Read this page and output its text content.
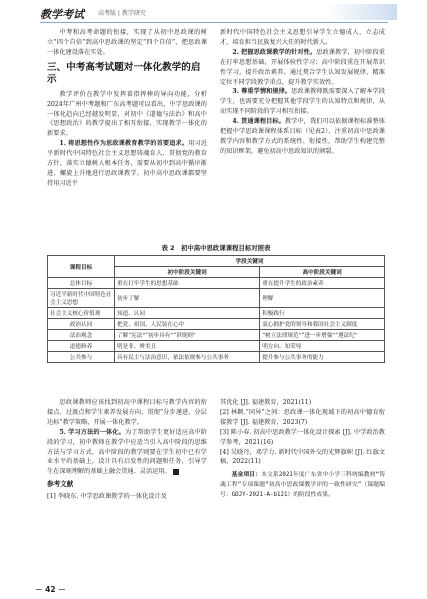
教学考试 高考版 | 教学研究

中考和高考命题的衔接，实现了从初中思政课的树立“四个自信”到高中思政课的坚定“四个自信”，把思政课一体化建设落在实处。

三、中考高考试题对一体化教学的启示

教学评价在教学中发挥着指挥棒的导向功能，分析2024年广州中考题和广东高考题可以看出，中学思政课的一体化趋向已经越发明显，对初中《道德与法治》和高中《思想政治》的教学提出了相互衔接、实现教学一体化的新要求。

1. 将思想性作为思政课教育教学的首要追求。用习近平新时代中国特色社会主义思想铸魂育人，贯彻党的教育方针，落实立德树人根本任务，需要从初中到高中循序渐进、螺旋上升地进行思政课教学。初中高中思政课都要坚持用习近平

新时代中国特色社会主义思想引导学生立德成人、立志成才，培育担当民族复兴大任的时代新人。

2. 把握思政课教学的针对性。思政课教学，初中阶段重在打牢思想基础，开展体验性学习；高中阶段重在开展常识性学习，提升政治素养。通过契合学生认知发展规律，精准定位不同学段教学重点，提升教学实效性。

3. 尊重学情和规律。思政课教师既需要深入了解本学段学生，也需要充分把握其他学段学生的认知特点和规律，从而实现不同阶段的学习相互衔接。

4. 贯通课程目标。教学中，我们可以依据课程标准整体把握中学思政课课程体系目标（见表2），注重初高中思政课教学内容和教学方式的系统性、衔接性，帮助学生构建完整的知识框架，避免初高中思政知识的割裂。

表 2　初中高中思政课课程目标对照表
课程目标	学段关键词	
	初中阶段关键词	高中阶段关键词
总体目标	重在打牢学生的思想基础	重在提升学生的政治素养
习近平新时代中国特色社会主义思想	初步了解	理解
社会主义核心价值观	知道、认同	积极践行
政治认同	把党、祖国、人民装在心中	衷心拥护党的领导和我国社会主义制度
法治观念	了解“宪法”“初步具有”“讲规则”	“树立法律规范”“进一步增强”“遵法纪”
道德修养	明是非、辨美丑	明方向、知荣辱
公共参与	具有民主与法治意识，依法依规参与公共事务	提升参与公共事务的能力

思政课教师应该找到初高中课程目标与教学内容的衔接点、过渡点和学生素养发展方向，贯彻“分步递进、分层达标”教学策略，开展一体化教学。

5. 学习方法的一体化。为了帮助学生更好适应高中阶段的学习，初中教师在教学中应适当引入高中阶段的思维方法与学习方式，高中阶段的教学则要在学生初中已有学业水平的基础上，设计具有启发性的问题和任务，引导学生在深刻理解的基础上融会贯通、灵活运用。	▲

参考文献

[1] 李晓东. 中学思政课教学的一体化设计及

其优化 [J]. 福建教育，2021(11)

[2] 林颖.“同异”之间：思政课一体化视域下的初高中德育衔接教学 [J]. 福建教育，2023(7)

[3] 陈小春. 初高中思政教学一体化设计探索 [J]. 中学政治教学参考，2021(16)

[4] 吴晓丹，邓学力. 新时代中国外交的光辉旗帜 [J]. 红旗文稿，2022(11)

基金项目：本文系2021年度广东省中小学三科统编教材“铸魂工程”专项课题“初高中思政课教学评的一致性研究”（课题编号：GDJY-2021-A-b121）的阶段性成果。

－ 42 －
